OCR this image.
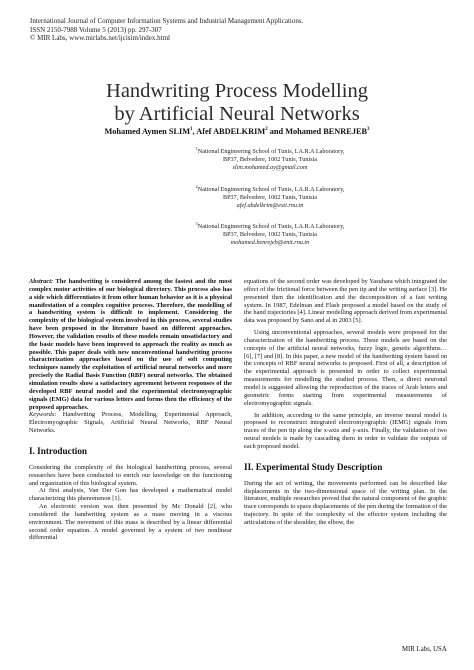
International Journal of Computer Information Systems and Industrial Management Applications.
ISSN 2150-7988 Volume 5 (2013) pp. 297-307
© MIR Labs, www.mirlabs.net/ijcisim/index.html
Handwriting Process Modelling
by Artificial Neural Networks
Mohamed Aymen SLIM$^1$, Afef ABDELKRIM$^2$ and Mohamed BENREJEB$^3$
$^1$National Engineering School of Tunis, LA.R.A Laboratory,
BP37, Belvedere, 1002 Tunis, Tunisia
slim.mohamed.ay@gmail.com
$^2$National Engineering School of Tunis, LA.R.A Laboratory,
BP37, Belvedere, 1002 Tunis, Tunisia
afef.abdelkrim@esti.rnu.tn
$^3$National Engineering School of Tunis, LA.R.A Laboratory,
BP37, Belvedere, 1002 Tunis, Tunisia
mohamed.benrejeb@enit.rnu.tn

Abstract: The handwriting is considered among the fastest and the most complex motor activities of our biological directory. This process also has a side which differentiates it from other human behavior as it is a physical manifestation of a complex cognitive process. Therefore, the modelling of a handwriting system is difficult to implement. Considering the complexity of the biological system involved in this process, several studies have been proposed in the literature based on different approaches. However, the validation results of these models remain unsatisfactory and the basic models have been improved to approach the reality as much as possible. This paper deals with new unconventional handwriting process characterization approaches based on the use of soft computing techniques namely the exploitation of artificial neural networks and more precisely the Radial Basis Function (RBF) neural networks. The obtained simulation results show a satisfactory agreement between responses of the developed RBF neural model and the experimental electromyographic signals (EMG) data for various letters and forms then the efficiency of the proposed approaches.

Keywords: Handwriting Process, Modelling, Experimental Approach, Electromyographic Signals, Artificial Neural Networks, RBF Neural Networks.

I. Introduction

Considering the complexity of the biological handwriting process, several researches have been conducted to enrich our knowledge on the functioning and organization of this biological system.

At first analysis, Van Der Gon has developed a mathematical model characterizing this phenomenon [1].

An electronic version was then presented by Mc Donald [2], who considered the handwriting system as a mass moving in a viscous environment. The movement of this mass is described by a linear differential second order equation. A model governed by a system of two nonlinear differential

equations of the second order was developed by Yasuhara which integrated the effect of the frictional force between the pen tip and the writing surface [3]. He presented then the identification and the decomposition of a fast writing system. In 1987, Edelman and Flash proposed a model based on the study of the hand trajectories [4]. Linear modelling approach derived from experimental data was proposed by Sano and al in 2003 [5].

Using unconventional approaches, several models were proposed for the characterization of the handwriting process. These models are based on the concepts of the artificial neural networks, fuzzy logic, genetic algorithms… [6], [7] and [8]. In this paper, a new model of the handwriting system based on the concepts of RBF neural networks is proposed. First of all, a description of the experimental approach is presented in order to collect experimental measurements for modelling the studied process. Then, a direct neuronal model is suggested allowing the reproduction of the traces of Arab letters and geometric forms starting from experimental measurements of electromyographic signals.

In addition, according to the same principle, an inverse neural model is proposed to reconstruct integrated electromyographic (IEMG) signals from traces of the pen tip along the x-axis and y-axis. Finally, the validation of two neural models is made by cascading them in order to validate the outputs of each proposed model.

II. Experimental Study Description

During the act of writing, the movements performed can be described like displacements in the two-dimensional space of the writing plan. In the literature, multiple researches proved that the natural component of the graphic trace corresponds to space displacements of the pen during the formation of the trajectory. In spite of the complexity of the effector system including the articulations of the shoulder, the elbow, the

MIR Labs, USA
